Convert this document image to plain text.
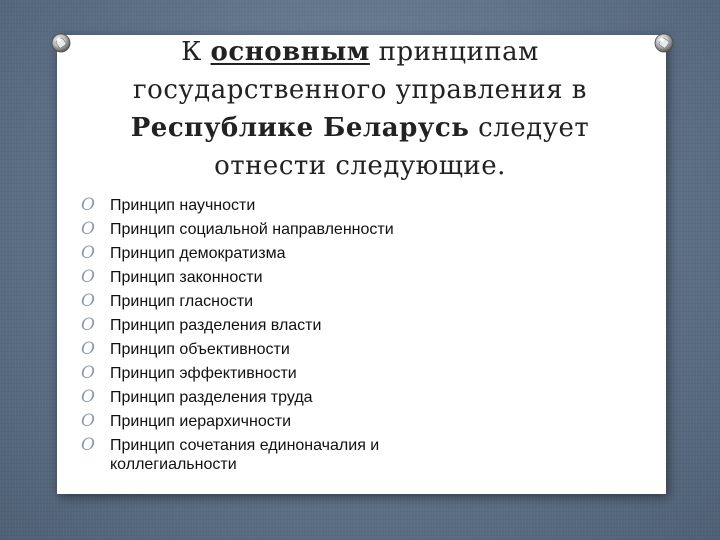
К основным принципам
государственного управления в
Республике Беларусь следует
отнести следующие.
O Принцип научности
O Принцип социальной направленности
O Принцип демократизма
O Принцип законности
O Принцип гласности
O Принцип разделения власти
O Принцип объективности
O Принцип эффективности
O Принцип разделения труда
O Принцип иерархичности
O Принцип сочетания единоначалия и коллегиальности
